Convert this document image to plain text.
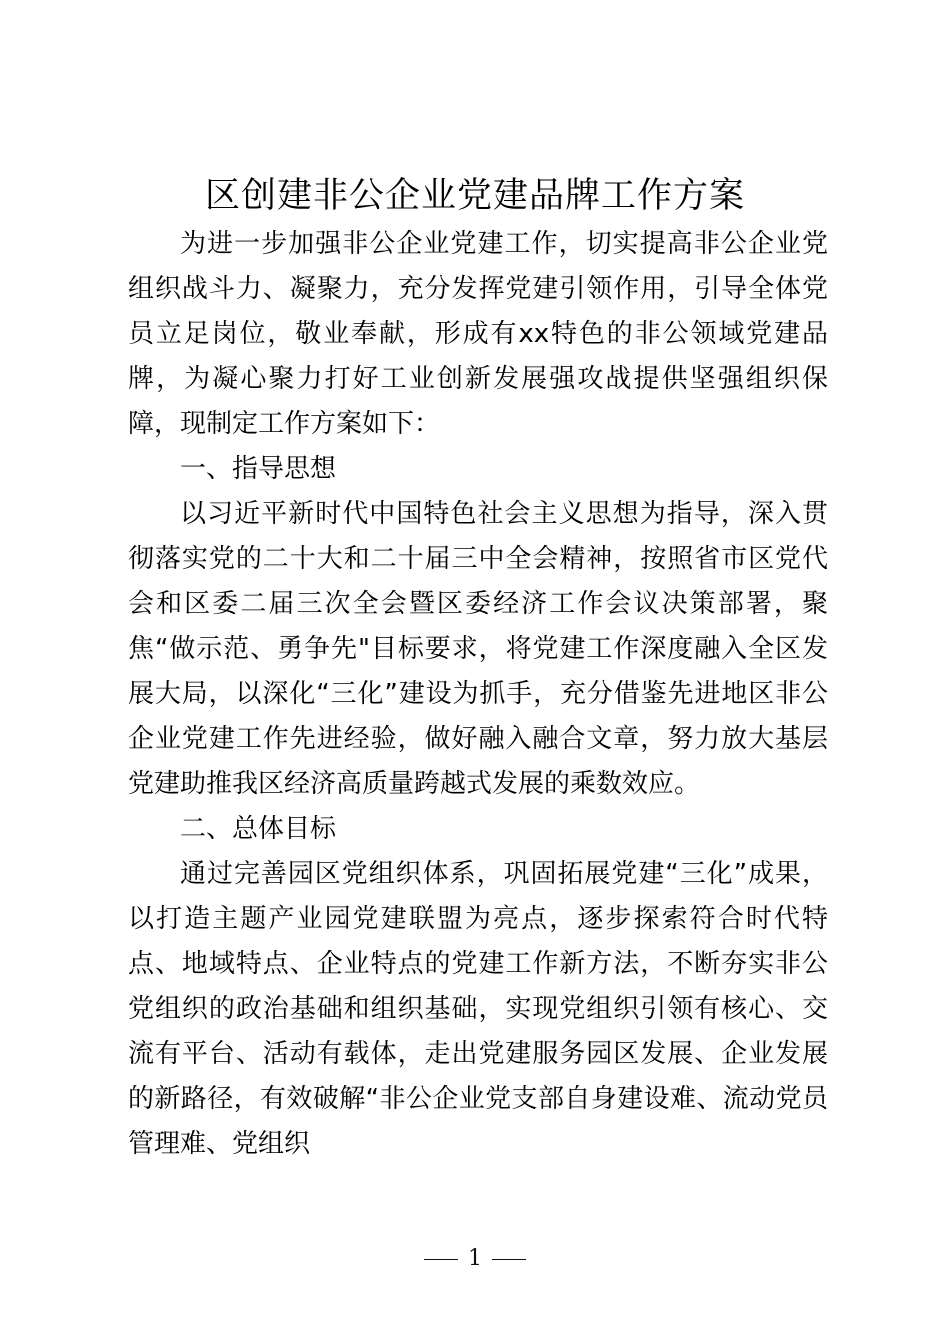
区创建非公企业党建品牌工作方案

为进一步加强非公企业党建工作，切实提高非公企业党组织战斗力、凝聚力，充分发挥党建引领作用，引导全体党员立足岗位，敬业奉献，形成有xx特色的非公领域党建品牌，为凝心聚力打好工业创新发展强攻战提供坚强组织保障，现制定工作方案如下：

一、指导思想

以习近平新时代中国特色社会主义思想为指导，深入贯彻落实党的二十大和二十届三中全会精神，按照省市区党代会和区委二届三次全会暨区委经济工作会议决策部署，聚焦“做示范、勇争先"目标要求，将党建工作深度融入全区发展大局，以深化“三化”建设为抓手，充分借鉴先进地区非公企业党建工作先进经验，做好融入融合文章，努力放大基层党建助推我区经济高质量跨越式发展的乘数效应。

二、总体目标

通过完善园区党组织体系，巩固拓展党建“三化”成果，以打造主题产业园党建联盟为亮点，逐步探索符合时代特点、地域特点、企业特点的党建工作新方法，不断夯实非公党组织的政治基础和组织基础，实现党组织引领有核心、交流有平台、活动有载体，走出党建服务园区发展、企业发展的新路径，有效破解“非公企业党支部自身建设难、流动党员管理难、党组织

1
